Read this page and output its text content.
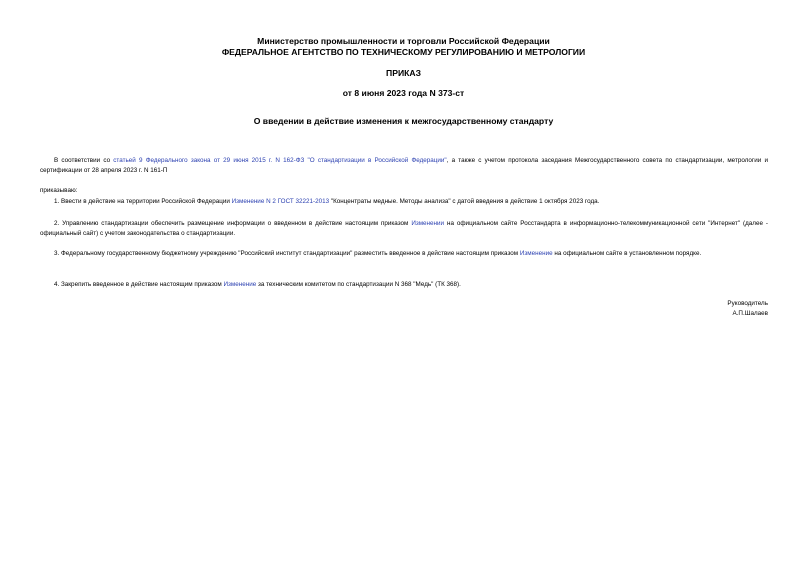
Министерство промышленности и торговли Российской Федерации
ФЕДЕРАЛЬНОЕ АГЕНТСТВО ПО ТЕХНИЧЕСКОМУ РЕГУЛИРОВАНИЮ И МЕТРОЛОГИИ
ПРИКАЗ
от 8 июня 2023 года N 373-ст
О введении в действие изменения к межгосударственному стандарту
В соответствии со статьей 9 Федерального закона от 29 июня 2015 г. N 162-ФЗ "О стандартизации в Российской Федерации", а также с учетом протокола заседания Межгосударственного совета по стандартизации, метрологии и сертификации от 28 апреля 2023 г. N 161-П
приказываю:
1. Ввести в действие на территории Российской Федерации Изменение N 2 ГОСТ 32221-2013 "Концентраты медные. Методы анализа" с датой введения в действие 1 октября 2023 года.
2. Управлению стандартизации обеспечить размещение информации о введенном в действие настоящим приказом Изменении на официальном сайте Росстандарта в информационно-телекоммуникационной сети "Интернет" (далее - официальный сайт) с учетом законодательства о стандартизации.
3. Федеральному государственному бюджетному учреждению "Российский институт стандартизации" разместить введенное в действие настоящим приказом Изменение на официальном сайте в установленном порядке.
4. Закрепить введенное в действие настоящим приказом Изменение за техническим комитетом по стандартизации N 368 "Медь" (ТК 368).
Руководитель
А.П.Шалаев
